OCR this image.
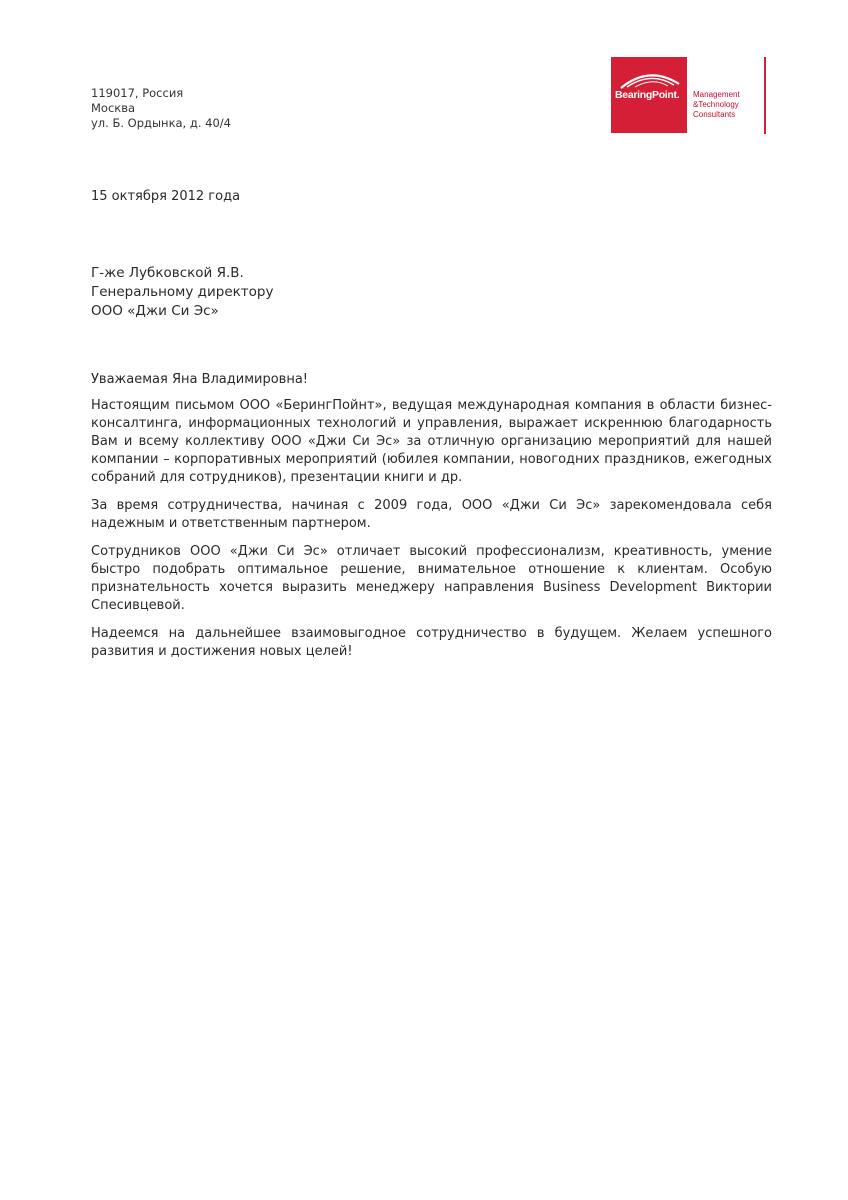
119017, Россия
Москва
ул. Б. Ордынка, д. 40/4
BearingPoint. Management
&Technology
Consultants
15 октября 2012 года
Г-же Лубковской Я.В.
Генеральному директору
ООО «Джи Си Эс»
Уважаемая Яна Владимировна!

Настоящим письмом ООО «БерингПойнт», ведущая международная компания в области бизнес-консалтинга, информационных технологий и управления, выражает искреннюю благодарность Вам и всему коллективу ООО «Джи Си Эс» за отличную организацию мероприятий для нашей компании – корпоративных мероприятий (юбилея компании, новогодних праздников, ежегодных собраний для сотрудников), презентации книги и др.

За время сотрудничества, начиная с 2009 года, ООО «Джи Си Эс» зарекомендовала себя надежным и ответственным партнером.

Сотрудников ООО «Джи Си Эс» отличает высокий профессионализм, креативность, умение быстро подобрать оптимальное решение, внимательное отношение к клиентам. Особую признательность хочется выразить менеджеру направления Business Development Виктории Спесивцевой.

Надеемся на дальнейшее взаимовыгодное сотрудничество в будущем. Желаем успешного развития и достижения новых целей!
